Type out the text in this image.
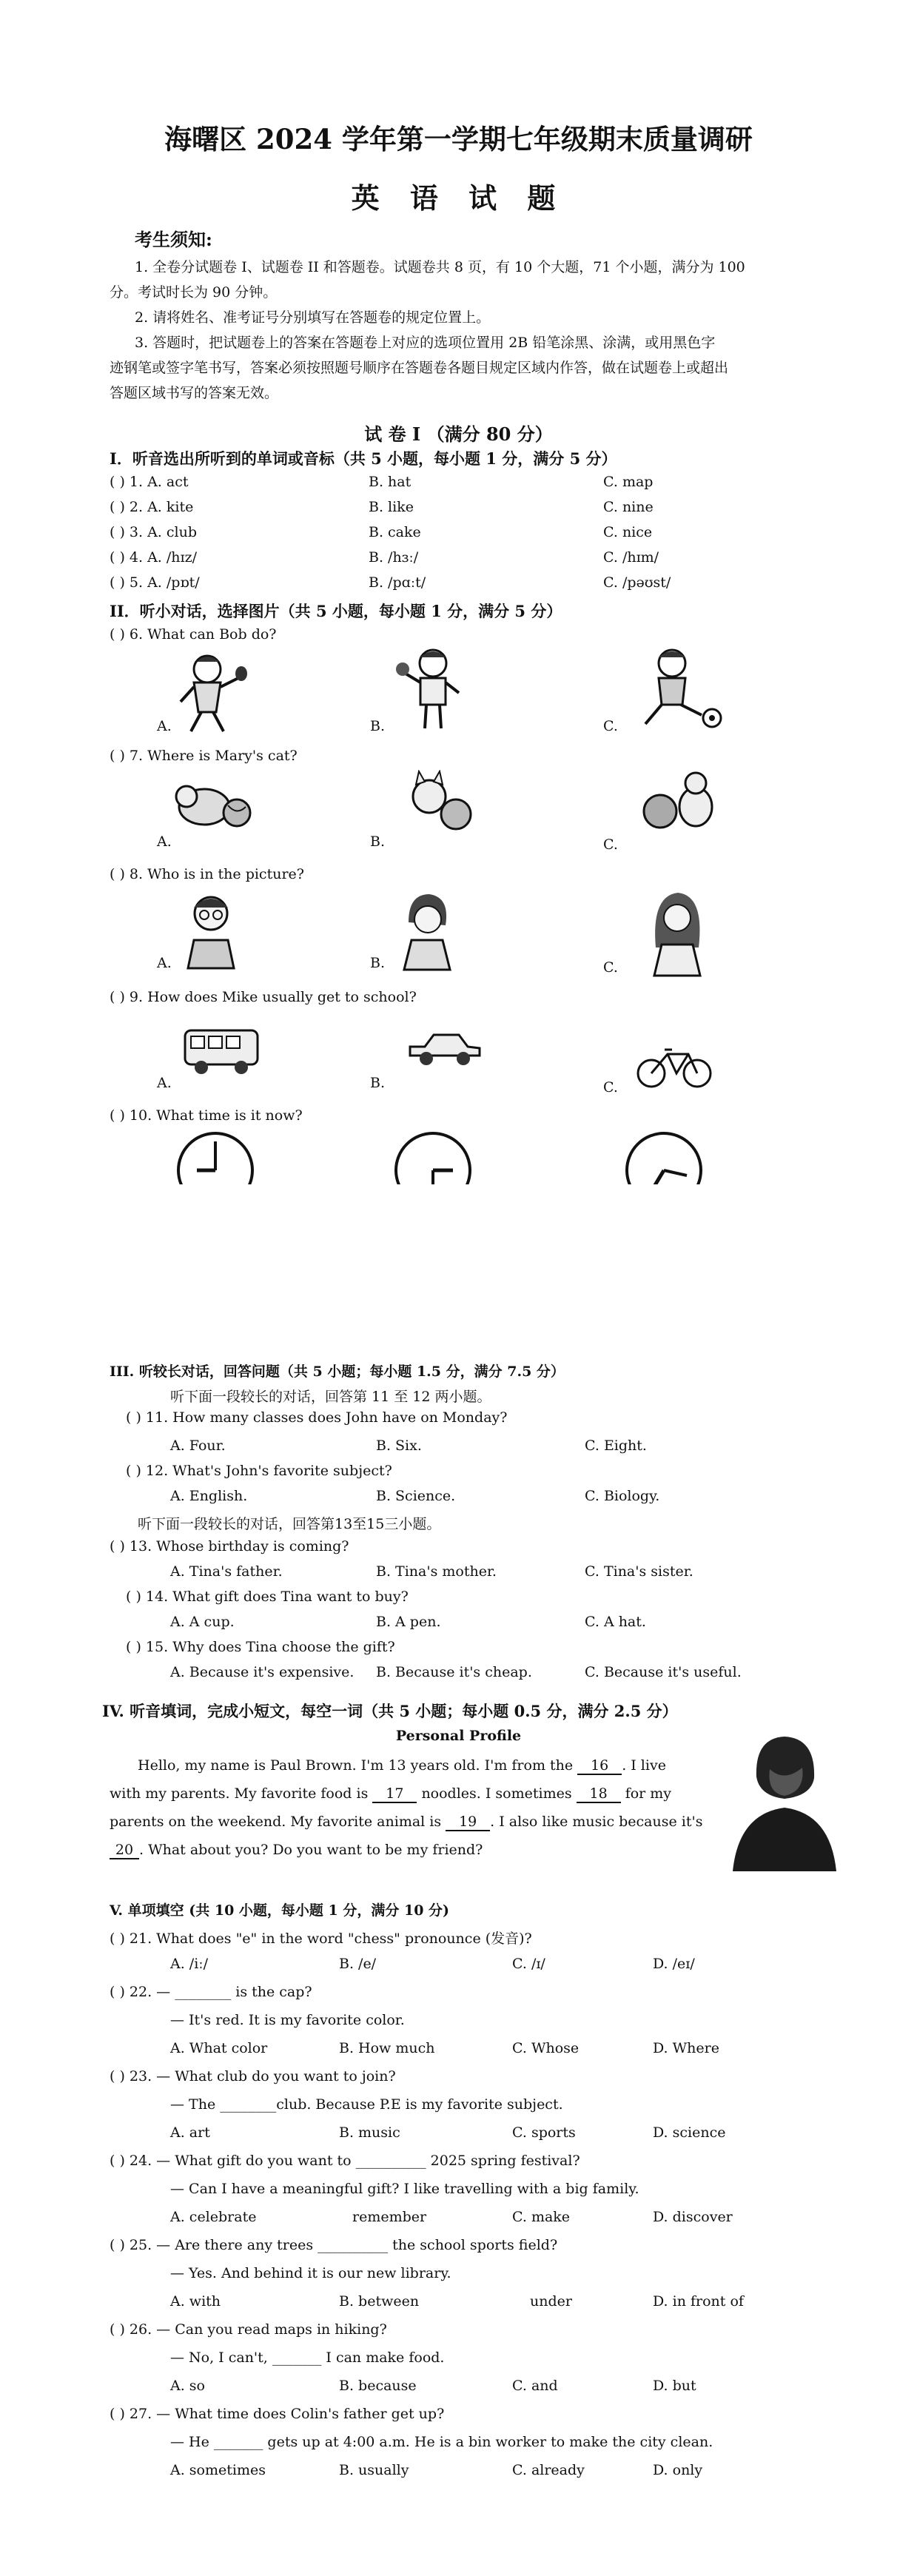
海曙区 2024 学年第一学期七年级期末质量调研
英 语 试 题
考生须知:
1. 全卷分试题卷 I、试题卷 II 和答题卷。试题卷共 8 页，有 10 个大题，71 个小题，满分为 100
分。考试时长为 90 分钟。
2. 请将姓名、准考证号分别填写在答题卷的规定位置上。
3. 答题时，把试题卷上的答案在答题卷上对应的选项位置用 2B 铅笔涂黑、涂满，或用黑色字
迹钢笔或签字笔书写，答案必须按照题号顺序在答题卷各题目规定区域内作答，做在试题卷上或超出
答题区域书写的答案无效。
试 卷 I （满分 80 分）
I．听音选出所听到的单词或音标（共 5 小题，每小题 1 分，满分 5 分）
( ) 1. A. act	B. hat	C. map
( ) 2. A. kite	B. like	C. nine
( ) 3. A. club	B. cake	C. nice
( ) 4. A. /hɪz/	B. /hɜː/	C. /hɪm/
( ) 5. A. /pɒt/	B. /pɑːt/	C. /pəʊst/
II．听小对话，选择图片（共 5 小题，每小题 1 分，满分 5 分）
( ) 6. What can Bob do?
A.	B.	C.
( ) 7. Where is Mary's cat?
A.	B.	C.
( ) 8. Who is in the picture?
A.	B.	C.
( ) 9. How does Mike usually get to school?
A.	B.	C.
( ) 10. What time is it now?
III. 听较长对话，回答问题（共 5 小题；每小题 1.5 分，满分 7.5 分）
听下面一段较长的对话，回答第 11 至 12 两小题。
( ) 11. How many classes does John have on Monday?
A. Four.	B. Six.	C. Eight.
( ) 12. What's John's favorite subject?
A. English.	B. Science.	C. Biology.
听下面一段较长的对话，回答第13至15三小题。
( ) 13. Whose birthday is coming?
A. Tina's father.	B. Tina's mother.	C. Tina's sister.
( ) 14. What gift does Tina want to buy?
A. A cup.	B. A pen.	C. A hat.
( ) 15. Why does Tina choose the gift?
A. Because it's expensive. B. Because it's cheap.	C. Because it's useful.
IV. 听音填词，完成小短文，每空一词（共 5 小题；每小题 0.5 分，满分 2.5 分）
Personal Profile
Hello, my name is Paul Brown. I'm 13 years old. I'm from the 16 . I live
with my parents. My favorite food is 17 noodles. I sometimes 18 for my
parents on the weekend. My favorite animal is 19 . I also like music because it's
20 . What about you? Do you want to be my friend?
V. 单项填空 (共 10 小题，每小题 1 分，满分 10 分)
( ) 21. What does "e" in the word "chess" pronounce (发音)?
A. /iː/	B. /e/	C. /ɪ/	D. /eɪ/
( ) 22. — ________ is the cap?
— It's red. It is my favorite color.
A. What color	B. How much	C. Whose	D. Where
( ) 23. — What club do you want to join?
— The ________club. Because P.E is my favorite subject.
A. art	B. music	C. sports	D. science
( ) 24. — What gift do you want to __________ 2025 spring festival?
— Can I have a meaningful gift? I like travelling with a big family.
A. celebrate	remember	C. make	D. discover
( ) 25. — Are there any trees __________ the school sports field?
— Yes. And behind it is our new library.
A. with	B. between	under	D. in front of
( ) 26. — Can you read maps in hiking?
— No, I can't, _______ I can make food.
A. so	B. because	C. and	D. but
( ) 27. — What time does Colin's father get up?
— He _______ gets up at 4:00 a.m. He is a bin worker to make the city clean.
A. sometimes	B. usually	C. already	D. only
